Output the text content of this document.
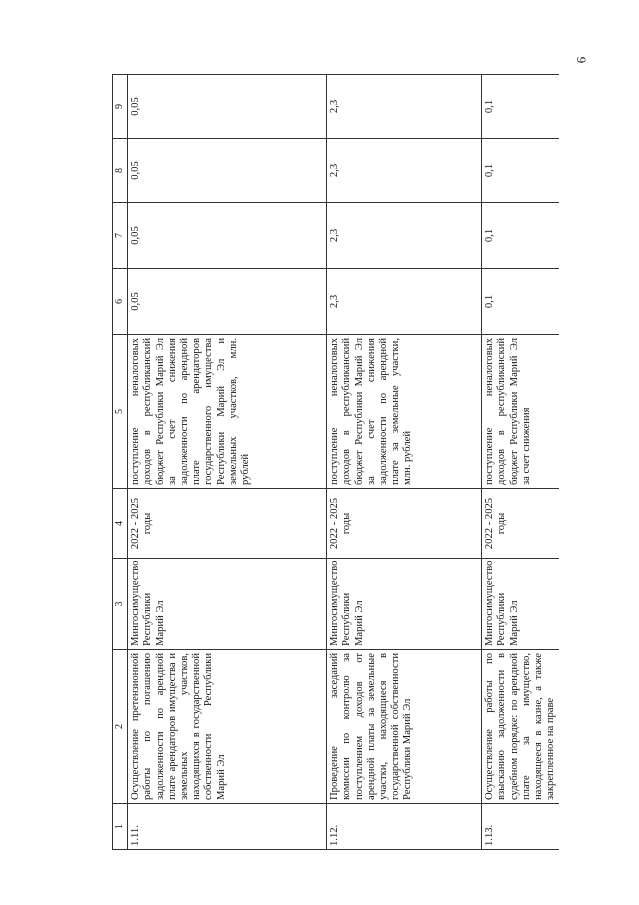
6
1	2	3	4	5	6	7	8	9
1.11.	Осуществление претензионной работы по погашению задолженности по арендной плате арендаторов имущества и земельных участков, находящихся в государственной собственности Республики Марий Эл	Мингосимущество Республики Марий Эл	2022 - 2025 годы	поступление неналоговых доходов в республиканский бюджет Республики Марий Эл за счет снижения задолженности по арендной плате арендаторов государственного имущества Республики Марий Эл и земельных участков, млн. рублей	0,05	0,05	0,05	0,05
1.12.	Проведение заседаний комиссии по контролю за поступлением доходов от арендной платы за земельные участки, находящиеся в государственной собственности Республики Марий Эл	Мингосимущество Республики Марий Эл	2022 - 2025 годы	поступление неналоговых доходов в республиканский бюджет Республики Марий Эл за счет снижения задолженности по арендной плате за земельные участки, млн. рублей	2,3	2,3	2,3	2,3
1.13.	Осуществление работы по взысканию задолженности в судебном порядке: по арендной плате за имущество, находящееся в казне, а также закрепленное на праве	Мингосимущество Республики Марий Эл	2022 - 2025 годы	поступление неналоговых доходов в республиканский бюджет Республики Марий Эл за счет снижения	0,1	0,1	0,1	0,1
